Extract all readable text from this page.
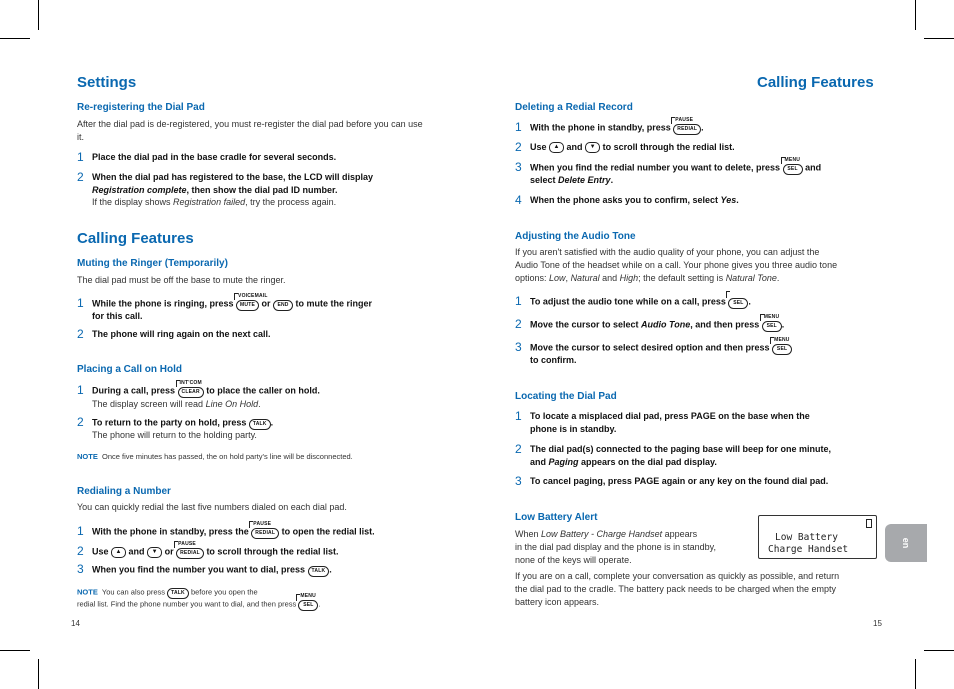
Settings
Re-registering the Dial Pad
After the dial pad is de-registered, you must re-register the dial pad before you can use it.
1 Place the dial pad in the base cradle for several seconds.
2 When the dial pad has registered to the base, the LCD will display
Registration complete, then show the dial pad ID number.
If the display shows Registration failed, try the process again.
Calling Features
Muting the Ringer (Temporarily)
The dial pad must be off the base to mute the ringer.
1 While the phone is ringing, press
VOICEMAIL
MUTE or END to mute the ringer
for this call.
2 The phone will ring again on the next call.
Placing a Call on Hold
1 During a call, press
INT'COM
CLEAR to place the caller on hold.
The display screen will read Line On Hold.
2 To return to the party on hold, press TALK .
The phone will return to the holding party.
NOTE Once five minutes has passed, the on hold party's line will be disconnected.
Redialing a Number
You can quickly redial the last five numbers dialed on each dial pad.
1 With the phone in standby, press the
PAUSE
REDIAL to open the redial list.
2 Use ▲ and ▼ or
PAUSE
REDIAL to scroll through the redial list.
3 When you find the number you want to dial, press TALK .
NOTE You can also press TALK before you open the
redial list. Find the phone number you want to dial, and then press
MENU
SEL .
14
Calling Features
Deleting a Redial Record
1 With the phone in standby, press
PAUSE
REDIAL .
2 Use ▲ and ▼ to scroll through the redial list.
3 When you find the redial number you want to delete, press
MENU
SEL and
select Delete Entry.
4 When the phone asks you to confirm, select Yes.
Adjusting the Audio Tone
If you aren't satisfied with the audio quality of your phone, you can adjust the
Audio Tone of the headset while on a call. Your phone gives you three audio tone
options: Low, Natural and High; the default setting is Natural Tone.
1 To adjust the audio tone while on a call, press SEL .
2 Move the cursor to select Audio Tone, and then press
MENU
SEL .
3 Move the cursor to select desired option and then press
MENU
SEL
to confirm.
Locating the Dial Pad
1 To locate a misplaced dial pad, press PAGE on the base when the
phone is in standby.
2 The dial pad(s) connected to the paging base will beep for one minute,
and Paging appears on the dial pad display.
3 To cancel paging, press PAGE again or any key on the found dial pad.
Low Battery Alert
When Low Battery - Charge Handset appears
in the dial pad display and the phone is in standby,
none of the keys will operate.
Low Battery
Charge Handset
If you are on a call, complete your conversation as quickly as possible, and return
the dial pad to the cradle. The battery pack needs to be charged when the empty
battery icon appears.
en
15
